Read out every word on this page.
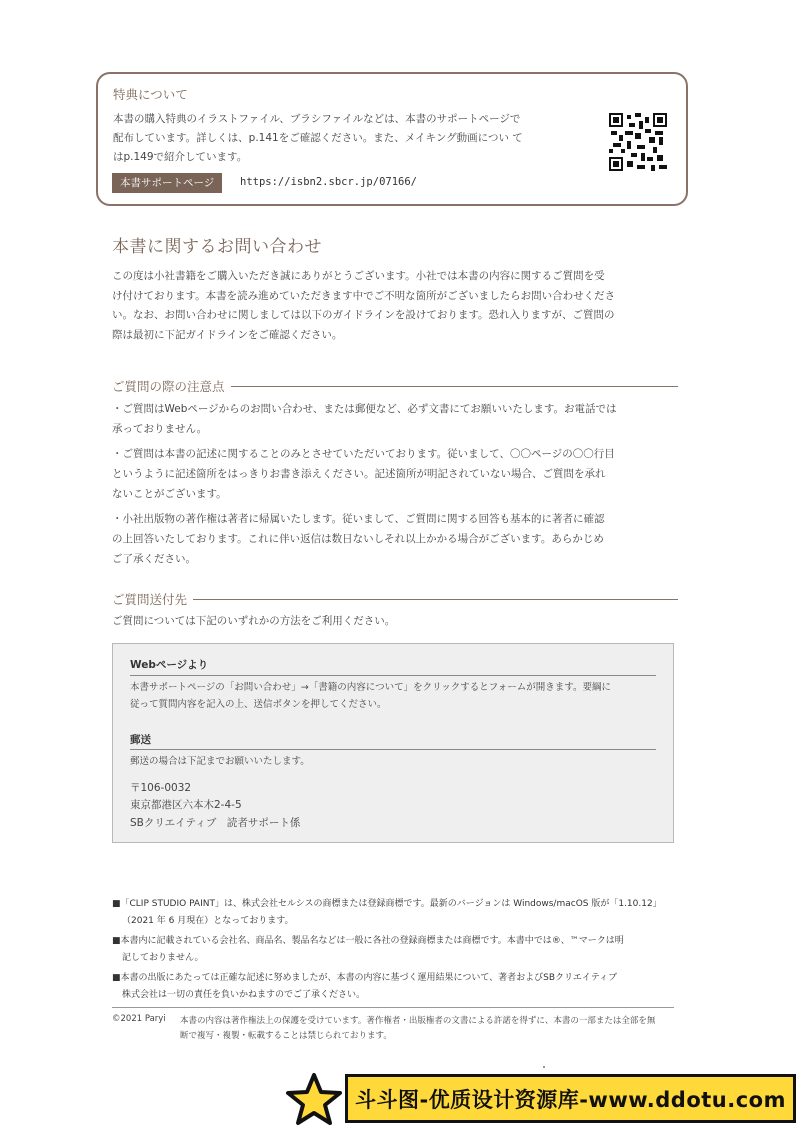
特典について
本書の購入特典のイラストファイル、ブラシファイルなどは、本書のサポートページで
配布しています。詳しくは、p.141をご確認ください。また、メイキング動画につい て
はp.149で紹介しています。
本書サポートページ	https://isbn2.sbcr.jp/07166/
本書に関するお問い合わせ
この度は小社書籍をご購入いただき誠にありがとうございます。小社では本書の内容に関するご質問を受
け付けております。本書を読み進めていただきます中でご不明な箇所がございましたらお問い合わせくださ
い。なお、お問い合わせに関しましては以下のガイドラインを設けております。恐れ入りますが、ご質問の
際は最初に下記ガイドラインをご確認ください。
ご質問の際の注意点
・ご質問はWebページからのお問い合わせ、または郵便など、必ず文書にてお願いいたします。お電話では
承っておりません。
・ご質問は本書の記述に関することのみとさせていただいております。従いまして、〇〇ページの〇〇行目
というように記述箇所をはっきりお書き添えください。記述箇所が明記されていない場合、ご質問を承れ
ないことがございます。
・小社出版物の著作権は著者に帰属いたします。従いまして、ご質問に関する回答も基本的に著者に確認
の上回答いたしております。これに伴い返信は数日ないしそれ以上かかる場合がございます。あらかじめ
ご了承ください。
ご質問送付先
ご質問については下記のいずれかの方法をご利用ください。
Webページより
本書サポートページの「お問い合わせ」→「書籍の内容について」をクリックするとフォームが開きます。要綱に
従って質問内容を記入の上、送信ボタンを押してください。
郵送
郵送の場合は下記までお願いいたします。
〒106-0032
東京都港区六本木2-4-5
SBクリエイティブ　読者サポート係

■「CLIP STUDIO PAINT」は、株式会社セルシスの商標または登録商標です。最新のバージョンは Windows/macOS 版が「1.10.12」
（2021 年 6 月現在）となっております。

■本書内に記載されている会社名、商品名、製品名などは一般に各社の登録商標または商標です。本書中では®、™マークは明
記しておりません。

■本書の出版にあたっては正確な記述に努めましたが、本書の内容に基づく運用結果について、著者およびSBクリエイティブ
株式会社は一切の責任を負いかねますのでご了承ください。

©2021 Paryi 本書の内容は著作権法上の保護を受けています。著作権者・出版権者の文書による許諾を得ずに、本書の一部または全部を無
断で複写・複製・転載することは禁じられております。
斗斗图-优质设计资源库-www.ddotu.com
